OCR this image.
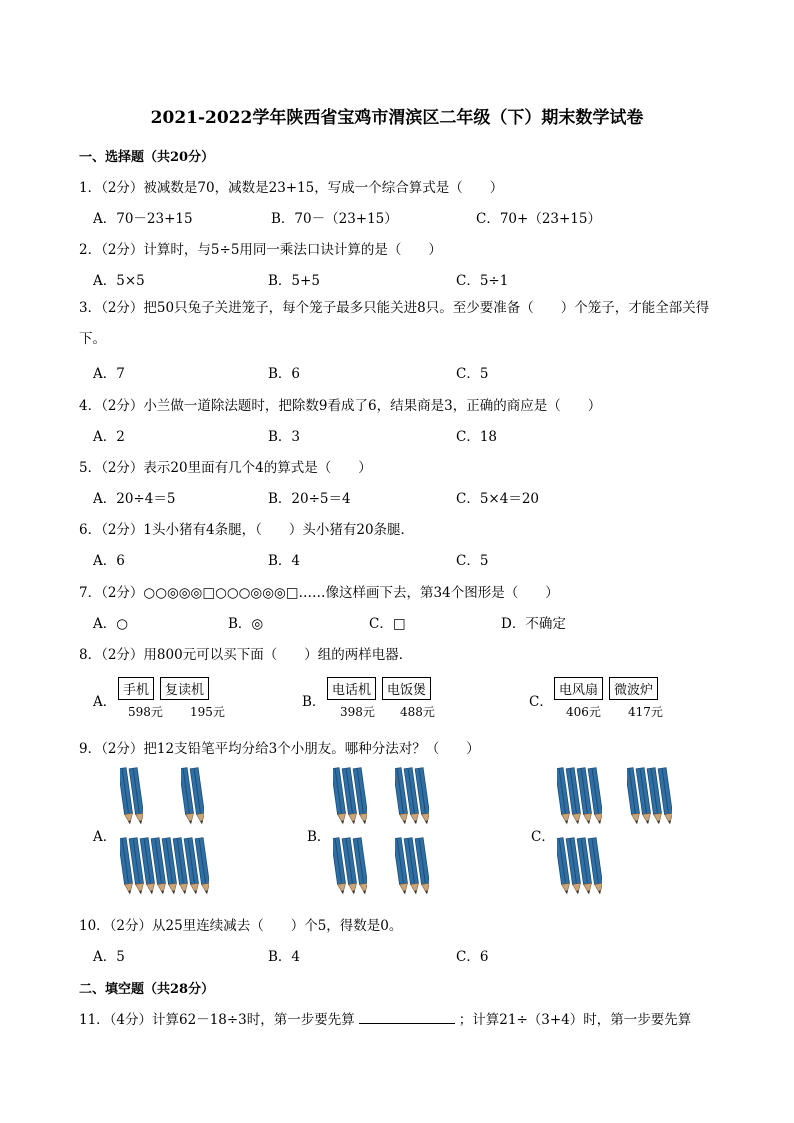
2021-2022学年陕西省宝鸡市渭滨区二年级（下）期末数学试卷
一、选择题（共20分）
1．（2分）被减数是70，减数是23+15，写成一个综合算式是（　　）
A．70－23+15	B．70－（23+15）	C．70+（23+15）
2．（2分）计算时，与5÷5用同一乘法口诀计算的是（　　）
A．5×5	B．5+5	C．5÷1
3．（2分）把50只兔子关进笼子，每个笼子最多只能关进8只。至少要准备（　　）个笼子，才能全部关得下。
A．7	B．6	C．5
4．（2分）小兰做一道除法题时，把除数9看成了6，结果商是3，正确的商应是（　　）
A．2	B．3	C．18
5．（2分）表示20里面有几个4的算式是（　　）
A．20÷4＝5	B．20÷5＝4	C．5×4＝20
6．（2分）1头小猪有4条腿，（　　）头小猪有20条腿．
A．6	B．4	C．5
7．（2分）○○◎◎◎□○○○◎◎◎□……像这样画下去，第34个图形是（　　）
A．○	B．◎	C．□	D．不确定
8．（2分）用800元可以买下面（　　）组的两样电器．
A．
手机 复读机
598元 195元
B．
电话机 电饭煲
398元 488元
C．
电风扇 微波炉
406元 417元
9．（2分）把12支铅笔平均分给3个小朋友。哪种分法对？（　　）
A．	B．	C．
10．（2分）从25里连续减去（　　）个5，得数是0。
A．5	B．4	C．6
二、填空题（共28分）
11．（4分）计算62－18÷3时，第一步要先算	；计算21÷（3+4）时，第一步要先算
